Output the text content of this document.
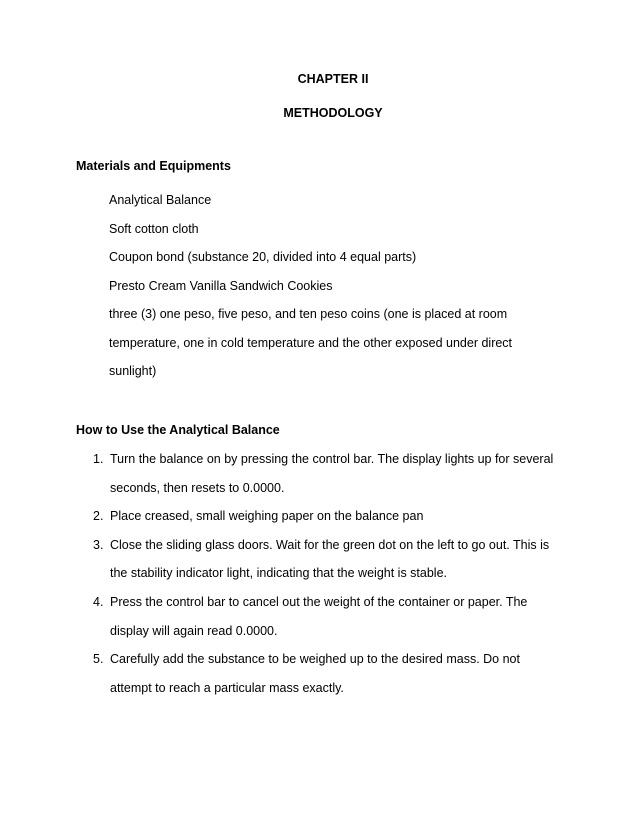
CHAPTER II
METHODOLOGY
Materials and Equipments
Analytical Balance
Soft cotton cloth
Coupon bond (substance 20, divided into 4 equal parts)
Presto Cream Vanilla Sandwich Cookies
three (3) one peso, five peso, and ten peso coins (one is placed at room
temperature, one in cold temperature and the other exposed under direct
sunlight)
How to Use the Analytical Balance
1. Turn the balance on by pressing the control bar. The display lights up for several
seconds, then resets to 0.0000.
2. Place creased, small weighing paper on the balance pan
3. Close the sliding glass doors. Wait for the green dot on the left to go out. This is
the stability indicator light, indicating that the weight is stable.
4. Press the control bar to cancel out the weight of the container or paper. The
display will again read 0.0000.
5. Carefully add the substance to be weighed up to the desired mass. Do not
attempt to reach a particular mass exactly.
